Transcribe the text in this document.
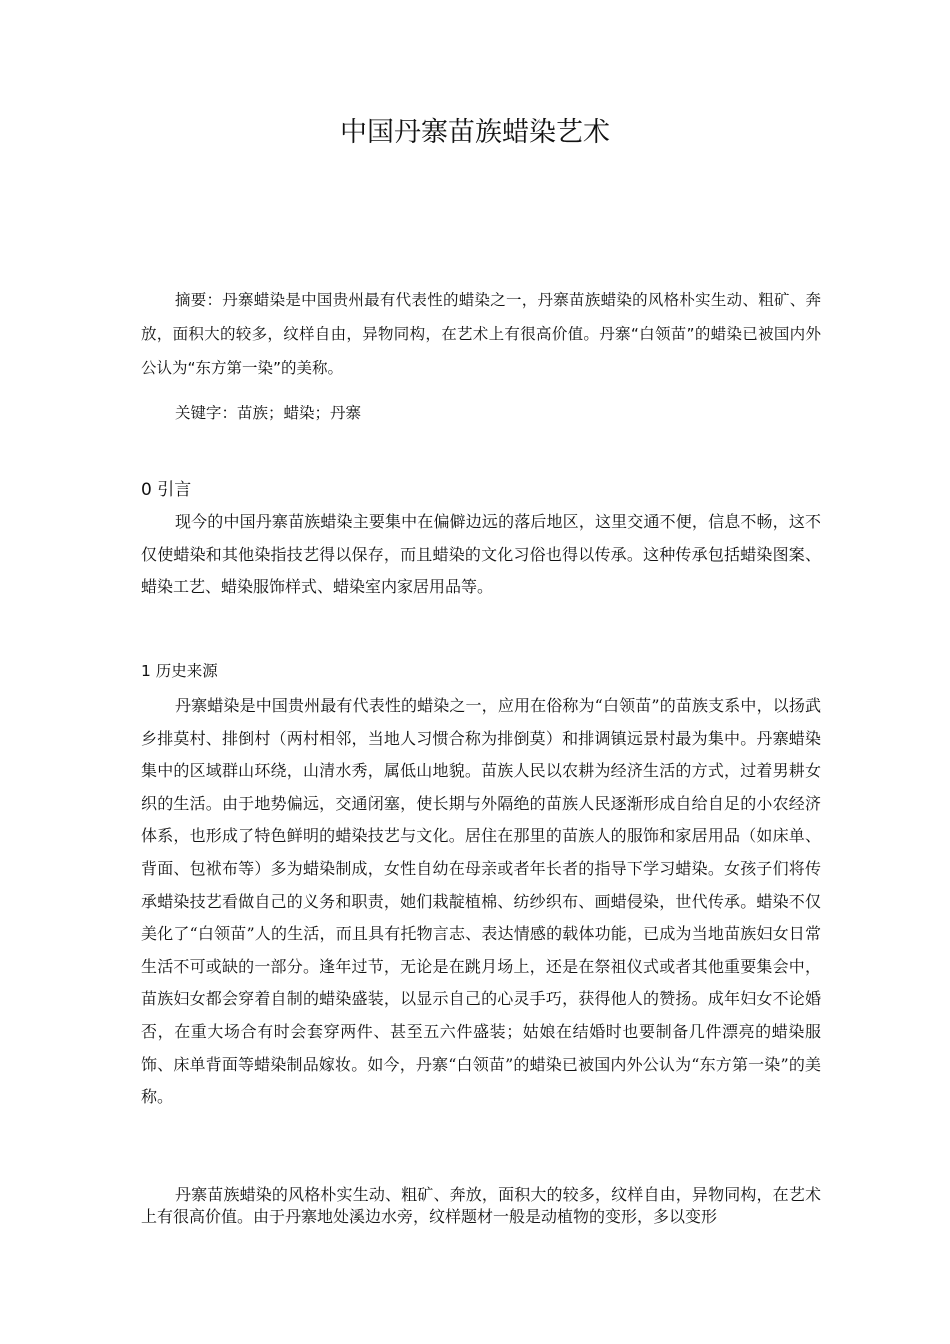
中国丹寨苗族蜡染艺术

摘要：丹寨蜡染是中国贵州最有代表性的蜡染之一，丹寨苗族蜡染的风格朴实生动、粗矿、奔放，面积大的较多，纹样自由，异物同构，在艺术上有很高价值。丹寨“白领苗”的蜡染已被国内外公认为“东方第一染”的美称。

关键字：苗族；蜡染；丹寨

0 引言

现今的中国丹寨苗族蜡染主要集中在偏僻边远的落后地区，这里交通不便，信息不畅，这不仅使蜡染和其他染指技艺得以保存，而且蜡染的文化习俗也得以传承。这种传承包括蜡染图案、蜡染工艺、蜡染服饰样式、蜡染室内家居用品等。

1 历史来源

丹寨蜡染是中国贵州最有代表性的蜡染之一，应用在俗称为“白领苗”的苗族支系中，以扬武乡排莫村、排倒村（两村相邻，当地人习惯合称为排倒莫）和排调镇远景村最为集中。丹寨蜡染集中的区域群山环绕，山清水秀，属低山地貌。苗族人民以农耕为经济生活的方式，过着男耕女织的生活。由于地势偏远，交通闭塞，使长期与外隔绝的苗族人民逐渐形成自给自足的小农经济体系，也形成了特色鲜明的蜡染技艺与文化。居住在那里的苗族人的服饰和家居用品（如床单、背面、包袱布等）多为蜡染制成，女性自幼在母亲或者年长者的指导下学习蜡染。女孩子们将传承蜡染技艺看做自己的义务和职责，她们栽靛植棉、纺纱织布、画蜡侵染，世代传承。蜡染不仅美化了“白领苗”人的生活，而且具有托物言志、表达情感的载体功能，已成为当地苗族妇女日常生活不可或缺的一部分。逢年过节，无论是在跳月场上，还是在祭祖仪式或者其他重要集会中，苗族妇女都会穿着自制的蜡染盛装，以显示自己的心灵手巧，获得他人的赞扬。成年妇女不论婚否，在重大场合有时会套穿两件、甚至五六件盛装；姑娘在结婚时也要制备几件漂亮的蜡染服饰、床单背面等蜡染制品嫁妆。如今，丹寨“白领苗”的蜡染已被国内外公认为“东方第一染”的美称。

丹寨苗族蜡染的风格朴实生动、粗矿、奔放，面积大的较多，纹样自由，异物同构，在艺术上有很高价值。由于丹寨地处溪边水旁，纹样题材一般是动植物的变形，多以变形
